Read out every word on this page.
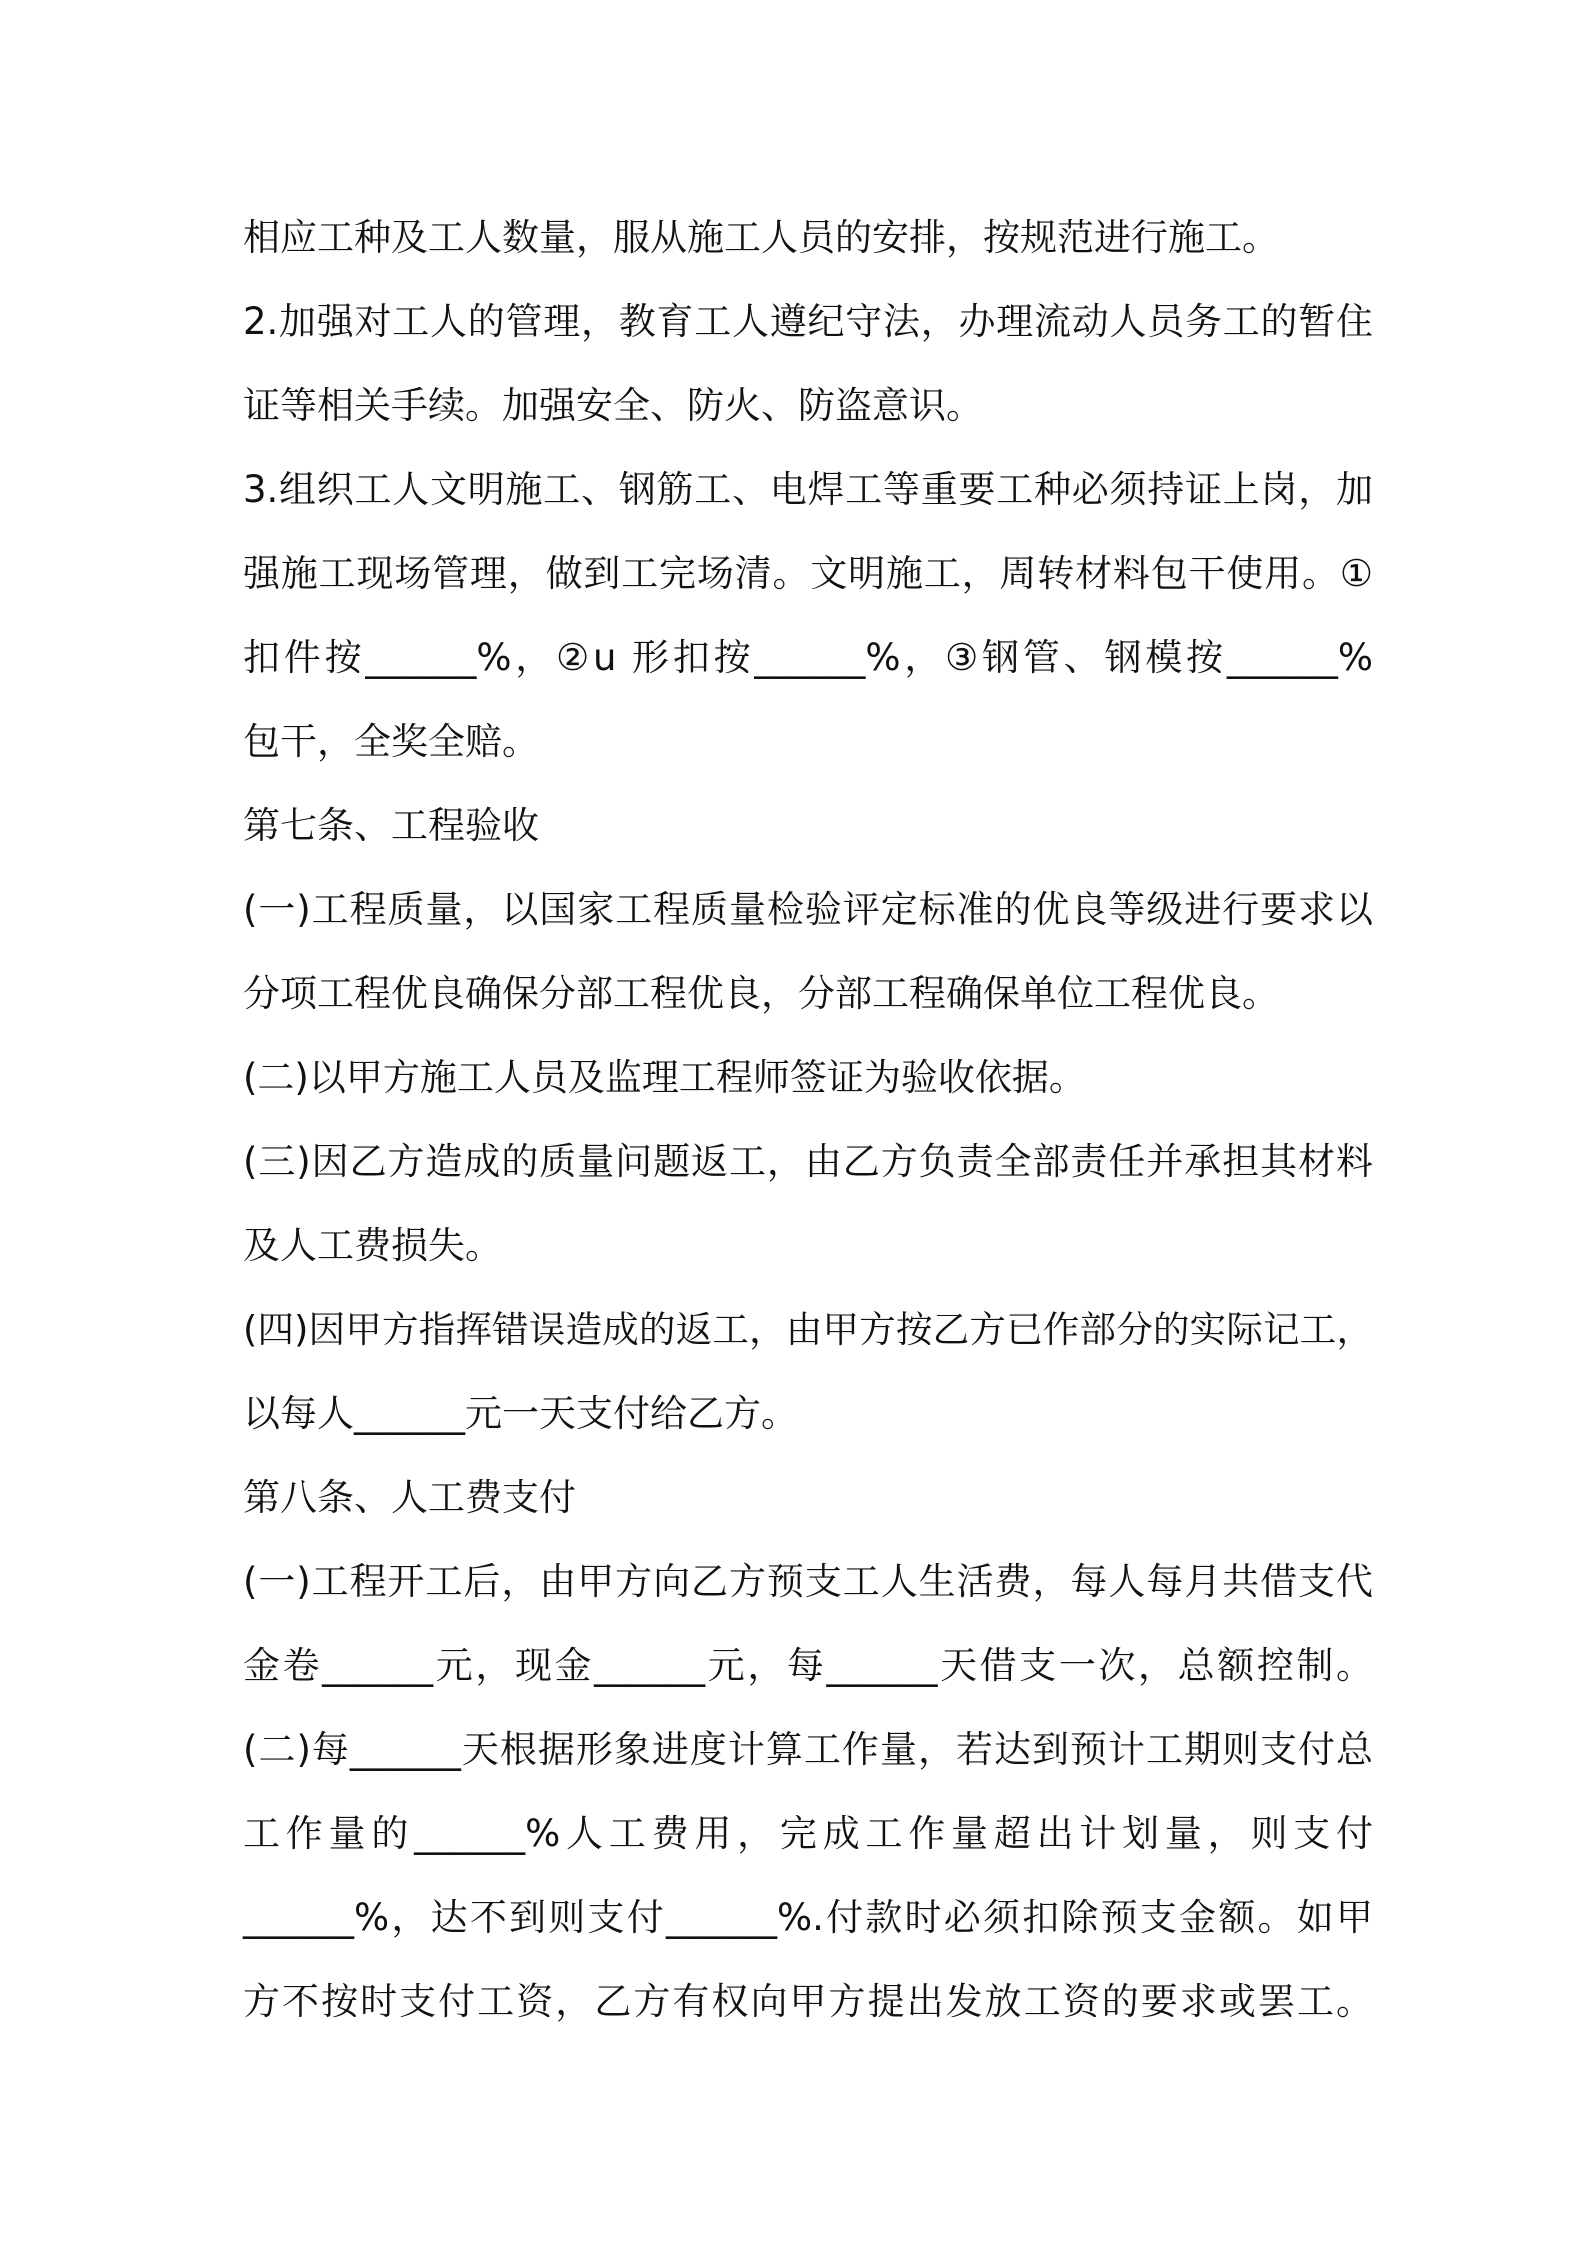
相应工种及工人数量，服从施工人员的安排，按规范进行施工。
2.加强对工人的管理，教育工人遵纪守法，办理流动人员务工的暂住
证等相关手续。加强安全、防火、防盗意识。
3.组织工人文明施工、钢筋工、电焊工等重要工种必须持证上岗，加
强施工现场管理，做到工完场清。文明施工，周转材料包干使用。①
扣件按______%，②u 形扣按______%，③钢管、钢模按______%
包干，全奖全赔。
第七条、工程验收
(一)工程质量，以国家工程质量检验评定标准的优良等级进行要求以
分项工程优良确保分部工程优良，分部工程确保单位工程优良。
(二)以甲方施工人员及监理工程师签证为验收依据。
(三)因乙方造成的质量问题返工，由乙方负责全部责任并承担其材料
及人工费损失。
(四)因甲方指挥错误造成的返工，由甲方按乙方已作部分的实际记工，
以每人______元一天支付给乙方。
第八条、人工费支付
(一)工程开工后，由甲方向乙方预支工人生活费，每人每月共借支代
金卷______元，现金______元，每______天借支一次，总额控制。
(二)每______天根据形象进度计算工作量，若达到预计工期则支付总
工作量的______%人工费用，完成工作量超出计划量，则支付
______%，达不到则支付______%.付款时必须扣除预支金额。如甲
方不按时支付工资，乙方有权向甲方提出发放工资的要求或罢工。
